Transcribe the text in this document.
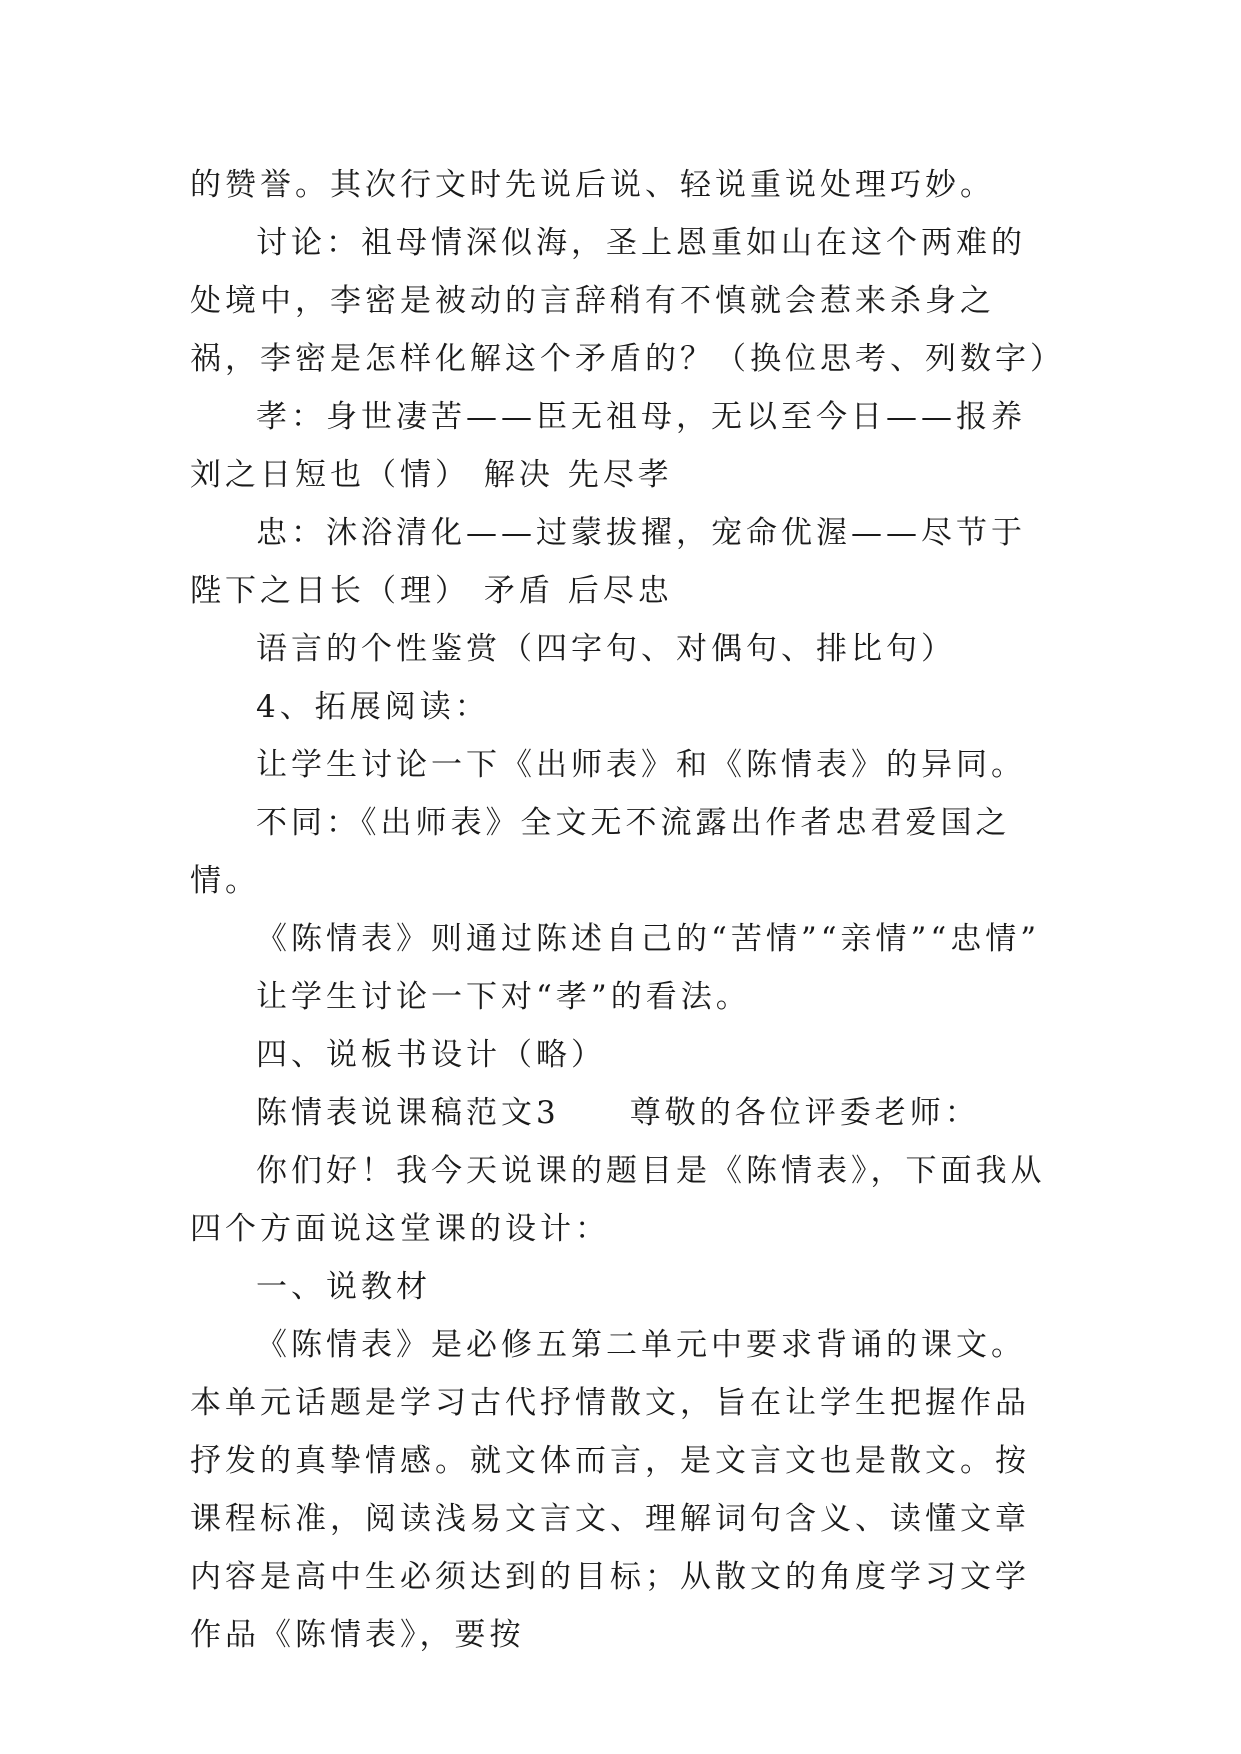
的赞誉。其次行文时先说后说、轻说重说处理巧妙。

讨论：祖母情深似海，圣上恩重如山在这个两难的处境中，李密是被动的言辞稍有不慎就会惹来杀身之祸，李密是怎样化解这个矛盾的？（换位思考、列数字）

孝：身世凄苦——臣无祖母，无以至今日——报养刘之日短也（情） 解决 先尽孝

忠：沐浴清化——过蒙拔擢，宠命优渥——尽节于陛下之日长（理） 矛盾 后尽忠

语言的个性鉴赏（四字句、对偶句、排比句）

4、拓展阅读：

让学生讨论一下《出师表》和《陈情表》的异同。

不同：《出师表》全文无不流露出作者忠君爱国之情。

《陈情表》则通过陈述自己的“苦情”“亲情”“忠情”

让学生讨论一下对“孝”的看法。

四、说板书设计（略）

陈情表说课稿范文3　　尊敬的各位评委老师：

你们好！我今天说课的题目是《陈情表》，下面我从四个方面说这堂课的设计：

一、说教材

《陈情表》是必修五第二单元中要求背诵的课文。本单元话题是学习古代抒情散文，旨在让学生把握作品抒发的真挚情感。就文体而言，是文言文也是散文。按课程标准，阅读浅易文言文、理解词句含义、读懂文章内容是高中生必须达到的目标；从散文的角度学习文学作品《陈情表》，要按
